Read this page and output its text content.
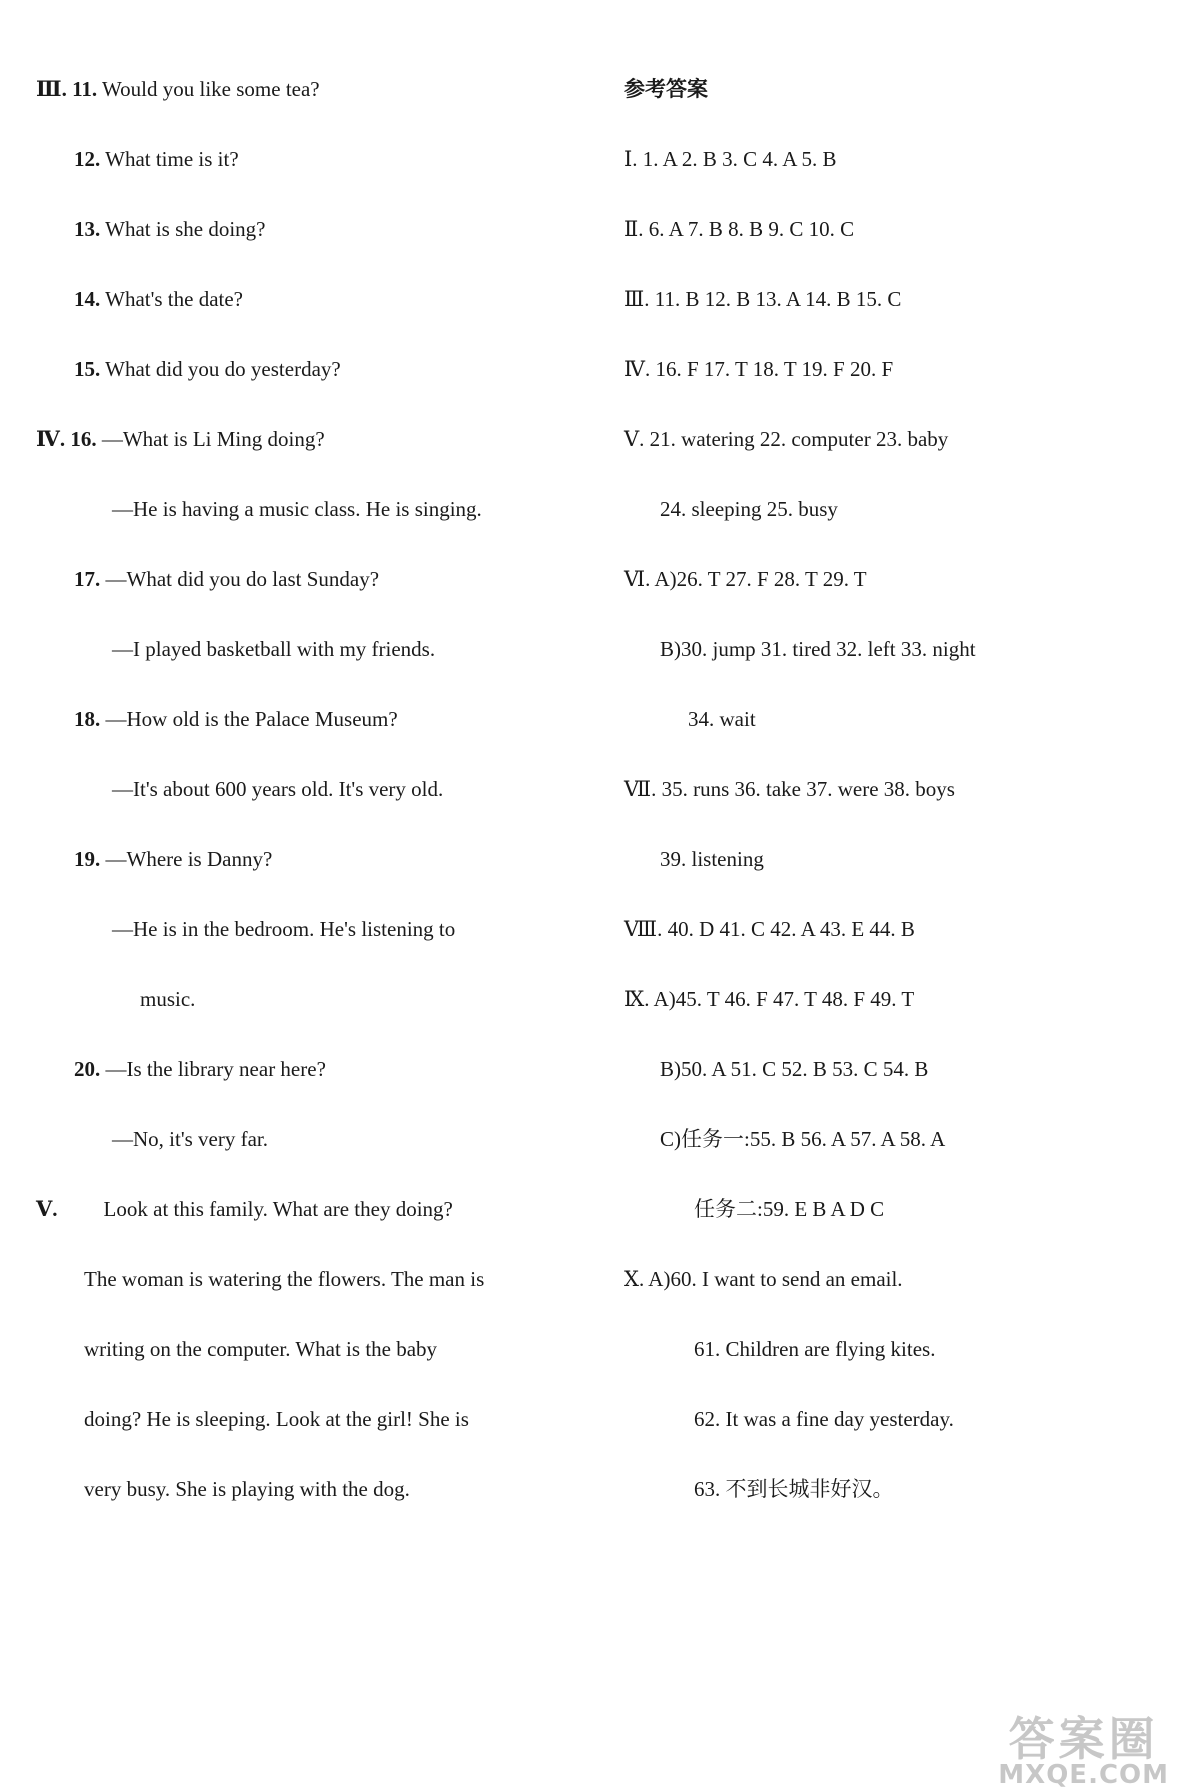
Ⅲ. 11. Would you like some tea?
12. What time is it?
13. What is she doing?
14. What's the date?
15. What did you do yesterday?
Ⅳ. 16. —What is Li Ming doing?
—He is having a music class. He is singing.
17. —What did you do last Sunday?
—I played basketball with my friends.
18. —How old is the Palace Museum?
—It's about 600 years old. It's very old.
19. —Where is Danny?
—He is in the bedroom. He's listening to
music.
20. —Is the library near here?
—No, it's very far.
Ⅴ. Look at this family. What are they doing?
The woman is watering the flowers. The man is
writing on the computer. What is the baby
doing? He is sleeping. Look at the girl! She is
very busy. She is playing with the dog.
参考答案
Ⅰ. 1. A 2. B 3. C 4. A 5. B
Ⅱ. 6. A 7. B 8. B 9. C 10. C
Ⅲ. 11. B 12. B 13. A 14. B 15. C
Ⅳ. 16. F 17. T 18. T 19. F 20. F
Ⅴ. 21. watering 22. computer 23. baby
24. sleeping 25. busy
Ⅵ. A)26. T 27. F 28. T 29. T
B)30. jump 31. tired 32. left 33. night
34. wait
Ⅶ. 35. runs 36. take 37. were 38. boys
39. listening
Ⅷ. 40. D 41. C 42. A 43. E 44. B
Ⅸ. A)45. T 46. F 47. T 48. F 49. T
B)50. A 51. C 52. B 53. C 54. B
C)任务一:55. B 56. A 57. A 58. A
任务二:59. E B A D C
Ⅹ. A)60. I want to send an email.
61. Children are flying kites.
62. It was a fine day yesterday.
63. 不到长城非好汉。
答案圈
MXQE.COM
